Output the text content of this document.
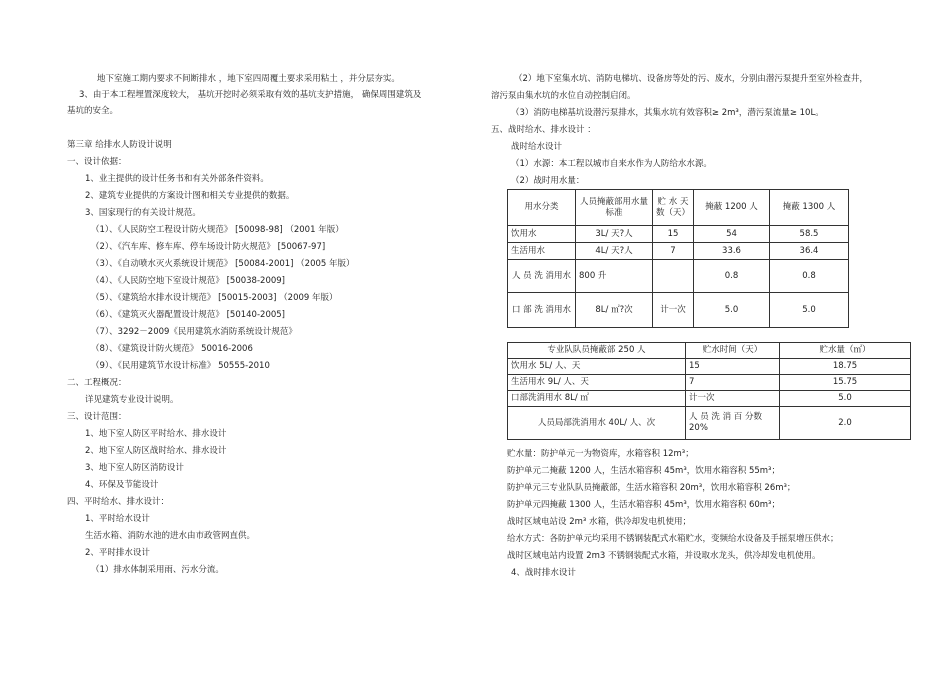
地下室施工期内要求不间断排水 ，地下室四周覆土要求采用粘土 ，并分层夯实。
3、由于本工程埋置深度较大， 基坑开挖时必须采取有效的基坑支护措施， 确保周围建筑及
基坑的安全。
第三章 给排水人防设计说明
一、设计依据：
1、业主提供的设计任务书和有关外部条件资料。
2、建筑专业提供的方案设计图和相关专业提供的数据。
3、国家现行的有关设计规范。
（1）、《人民防空工程设计防火规范》 [50098-98] （2001 年版）
（2）、《汽车库、修车库、停车场设计防火规范》 [50067-97]
（3）、《自动喷水灭火系统设计规范》 [50084-2001] （2005 年版）
（4）、《人民防空地下室设计规范》 [50038-2009]
（5）、《建筑给水排水设计规范》 [50015-2003] （2009 年版）
（6）、《建筑灭火器配置设计规范》 [50140-2005]
（7）、3292－2009《民用建筑水消防系统设计规范》
（8）、《建筑设计防火规范》 50016-2006
（9）、《民用建筑节水设计标准》 50555-2010
二、工程概况：
详见建筑专业设计说明。
三、设计范围：
1、地下室人防区平时给水、排水设计
2、地下室人防区战时给水、排水设计
3、地下室人防区消防设计
4、环保及节能设计
四、平时给水、排水设计：
1、平时给水设计
生活水箱、消防水池的进水由市政管网直供。
2、平时排水设计
（1）排水体制采用雨、污水分流。
（2）地下室集水坑、消防电梯坑、设备房等处的污、废水，分别由潜污泵提升至室外检查井，
溶污泵由集水坑的水位自动控制启闭。
（3）消防电梯基坑设潜污泵排水，其集水坑有效容积≥ 2m³，潜污泵流量≥ 10L。
五、战时给水、排水设计 ：
战时给水设计
（1）水源：本工程以城市自来水作为人防给水水源。
（2）战时用水量：
用水分类	人员掩蔽部用水量标准	贮 水 天数（天）	掩蔽 1200 人	掩蔽 1300 人
饮用水	3L/ 天?人	15	54	58.5
生活用水	4L/ 天?人	7	33.6	36.4
人 员 洗 消用水	800 升		0.8	0.8
口 部 洗 消用水	8L/ ㎡?次	计一次	5.0	5.0
专业队队员掩蔽部 250 人	贮水时间（天）	贮水量（㎡）
饮用水 5L/ 人、天	15	18.75
生活用水 9L/ 人、天	7	15.75
口部洗消用水 8L/ ㎡	计一次	5.0
人员局部洗消用水 40L/ 人、次	人 员 洗 消 百 分数 20%	2.0
贮水量：防护单元一为物资库，水箱容积 12m³；
防护单元二掩蔽 1200 人，生活水箱容积 45m³，饮用水箱容积 55m³；
防护单元三专业队队员掩蔽部，生活水箱容积 20m³，饮用水箱容积 26m³；
防护单元四掩蔽 1300 人，生活水箱容积 45m³，饮用水箱容积 60m³；
战时区域电站设 2m³ 水箱，供冷却发电机使用；
给水方式：各防护单元均采用不锈钢装配式水箱贮水，变频给水设备及手摇泵增压供水；
战时区域电站内设置 2m3 不锈钢装配式水箱，并设取水龙头，供冷却发电机使用。
4、战时排水设计
